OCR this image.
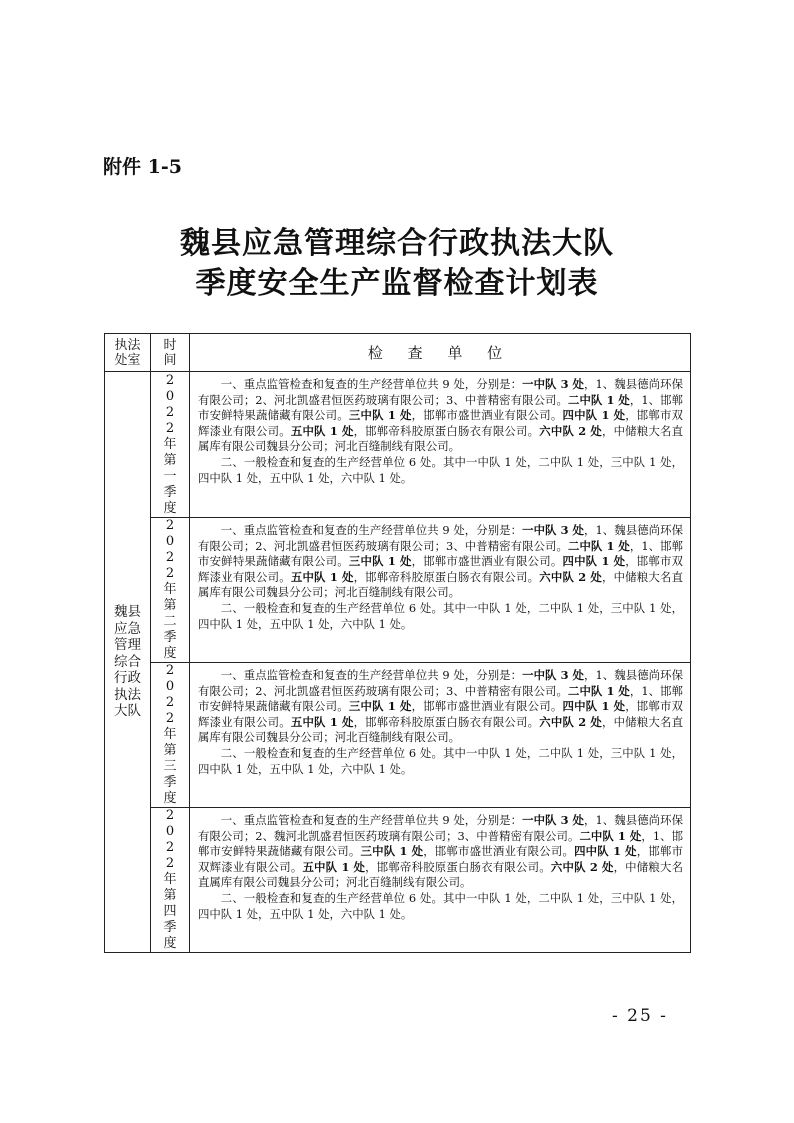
附件 1-5
魏县应急管理综合行政执法大队
季度安全生产监督检查计划表
执法处室	时间	检 查 单 位

魏县应急管理综合行政执法大队	2022年第一季度	一、重点监管检查和复查的生产经营单位共 9 处，分别是：一中队 3 处，1、魏县德尚环保有限公司；2、河北凯盛君恒医药玻璃有限公司；3、中普精密有限公司。二中队 1 处，1、邯郸市安鲜特果蔬储藏有限公司。三中队 1 处，邯郸市盛世酒业有限公司。四中队 1 处，邯郸市双辉漆业有限公司。五中队 1 处，邯郸帝科胶原蛋白肠衣有限公司。六中队 2 处，中储粮大名直属库有限公司魏县分公司；河北百缝制线有限公司。

二、一般检查和复查的生产经营单位 6 处。其中一中队 1 处，二中队 1 处，三中队 1 处，四中队 1 处，五中队 1 处，六中队 1 处。

	2022年第二季度	一、重点监管检查和复查的生产经营单位共 9 处，分别是：一中队 3 处，1、魏县德尚环保有限公司；2、河北凯盛君恒医药玻璃有限公司；3、中普精密有限公司。二中队 1 处，1、邯郸市安鲜特果蔬储藏有限公司。三中队 1 处，邯郸市盛世酒业有限公司。四中队 1 处，邯郸市双辉漆业有限公司。五中队 1 处，邯郸帝科胶原蛋白肠衣有限公司。六中队 2 处，中储粮大名直属库有限公司魏县分公司；河北百缝制线有限公司。

二、一般检查和复查的生产经营单位 6 处。其中一中队 1 处，二中队 1 处，三中队 1 处，四中队 1 处，五中队 1 处，六中队 1 处。

	2022年第三季度	一、重点监管检查和复查的生产经营单位共 9 处，分别是：一中队 3 处，1、魏县德尚环保有限公司；2、河北凯盛君恒医药玻璃有限公司；3、中普精密有限公司。二中队 1 处，1、邯郸市安鲜特果蔬储藏有限公司。三中队 1 处，邯郸市盛世酒业有限公司。四中队 1 处，邯郸市双辉漆业有限公司。五中队 1 处，邯郸帝科胶原蛋白肠衣有限公司。六中队 2 处，中储粮大名直属库有限公司魏县分公司；河北百缝制线有限公司。

二、一般检查和复查的生产经营单位 6 处。其中一中队 1 处，二中队 1 处，三中队 1 处，四中队 1 处，五中队 1 处，六中队 1 处。

	2022年第四季度	一、重点监管检查和复查的生产经营单位共 9 处，分别是：一中队 3 处，1、魏县德尚环保有限公司；2、魏河北凯盛君恒医药玻璃有限公司；3、中普精密有限公司。二中队 1 处，1、邯郸市安鲜特果蔬储藏有限公司。三中队 1 处，邯郸市盛世酒业有限公司。四中队 1 处，邯郸市双辉漆业有限公司。五中队 1 处，邯郸帝科胶原蛋白肠衣有限公司。六中队 2 处，中储粮大名直属库有限公司魏县分公司；河北百缝制线有限公司。

二、一般检查和复查的生产经营单位 6 处。其中一中队 1 处，二中队 1 处，三中队 1 处，四中队 1 处，五中队 1 处，六中队 1 处。

- 25 -
